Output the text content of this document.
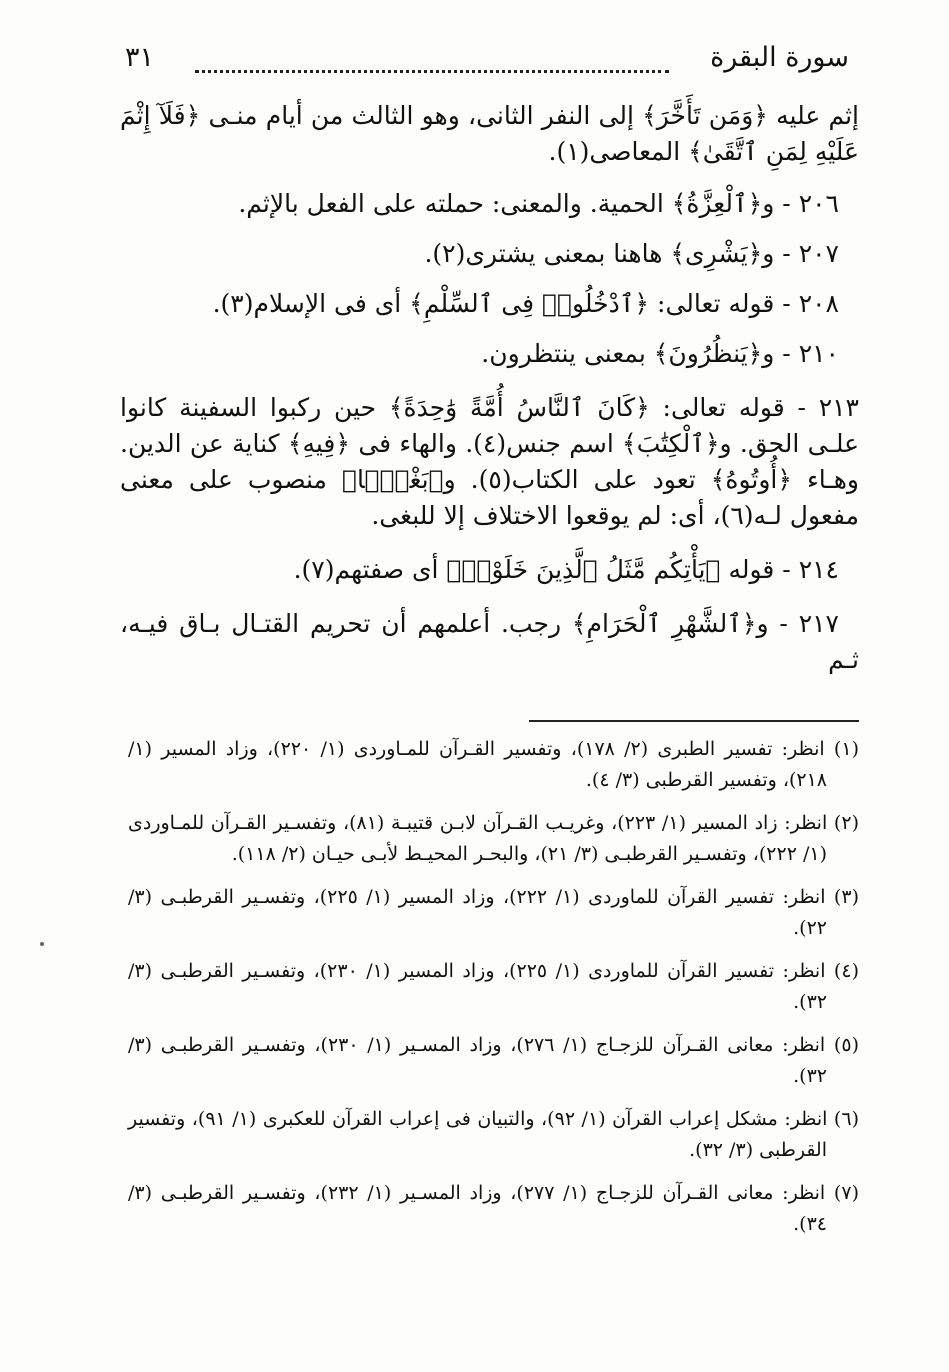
سورة البقرة
٣١

إثم عليه ﴿وَمَن تَأَخَّرَ﴾ إلى النفر الثانى، وهو الثالث من أيام منـى ﴿فَلَآ إِثْمَ عَلَيْهِ لِمَنِ ٱتَّقَىٰ﴾ المعاصى(١).

٢٠٦ - و﴿ٱلْعِزَّةُ﴾ الحمية. والمعنى: حملته على الفعل بالإثم.

٢٠٧ - و﴿يَشْرِى﴾ هاهنا بمعنى يشترى(٢).

٢٠٨ - قوله تعالى: ﴿ٱدْخُلُوا۟ فِى ٱلسِّلْمِ﴾ أى فى الإسلام(٣).

٢١٠ - و﴿يَنظُرُونَ﴾ بمعنى ينتظرون.

٢١٣ - قوله تعالى: ﴿كَانَ ٱلنَّاسُ أُمَّةً وَٰحِدَةً﴾ حين ركبوا السفينة كانوا علـى الحق. و﴿ٱلْكِتَٰبَ﴾ اسم جنس(٤). والهاء فى ﴿فِيهِ﴾ كناية عن الدين. وهـاء ﴿أُوتُوهُ﴾ تعود على الكتاب(٥). و﴿بَغْيًۢا﴾ منصوب على معنى مفعول لـه(٦)، أى: لم يوقعوا الاختلاف إلا للبغى.

٢١٤ - قوله ﴿يَأْتِكُم مَّثَلُ ٱلَّذِينَ خَلَوْا۟﴾ أى صفتهم(٧).

٢١٧ - و﴿ٱلشَّهْرِ ٱلْحَرَامِ﴾ رجب. أعلمهم أن تحريم القتـال بـاق فيـه، ثـم

(١) انظر: تفسير الطبرى (٢/ ١٧٨)، وتفسير القـرآن للمـاوردى (١/ ٢٢٠)، وزاد المسير (١/ ٢١٨)، وتفسير القرطبى (٣/ ٤).

(٢) انظر: زاد المسير (١/ ٢٢٣)، وغريـب القـرآن لابـن قتيبـة (٨١)، وتفسـير القـرآن للمـاوردى (١/ ٢٢٢)، وتفسـير القرطبـى (٣/ ٢١)، والبحـر المحيـط لأبـى حيـان (٢/ ١١٨).

(٣) انظر: تفسير القرآن للماوردى (١/ ٢٢٢)، وزاد المسير (١/ ٢٢٥)، وتفسـير القرطبـى (٣/ ٢٢).

(٤) انظر: تفسير القرآن للماوردى (١/ ٢٢٥)، وزاد المسير (١/ ٢٣٠)، وتفسـير القرطبـى (٣/ ٣٢).

(٥) انظر: معانى القـرآن للزجـاج (١/ ٢٧٦)، وزاد المسـير (١/ ٢٣٠)، وتفسـير القرطبـى (٣/ ٣٢).

(٦) انظر: مشكل إعراب القرآن (١/ ٩٢)، والتبيان فى إعراب القرآن للعكبرى (١/ ٩١)، وتفسير القرطبى (٣/ ٣٢).

(٧) انظر: معانى القـرآن للزجـاج (١/ ٢٧٧)، وزاد المسـير (١/ ٢٣٢)، وتفسـير القرطبـى (٣/ ٣٤).
